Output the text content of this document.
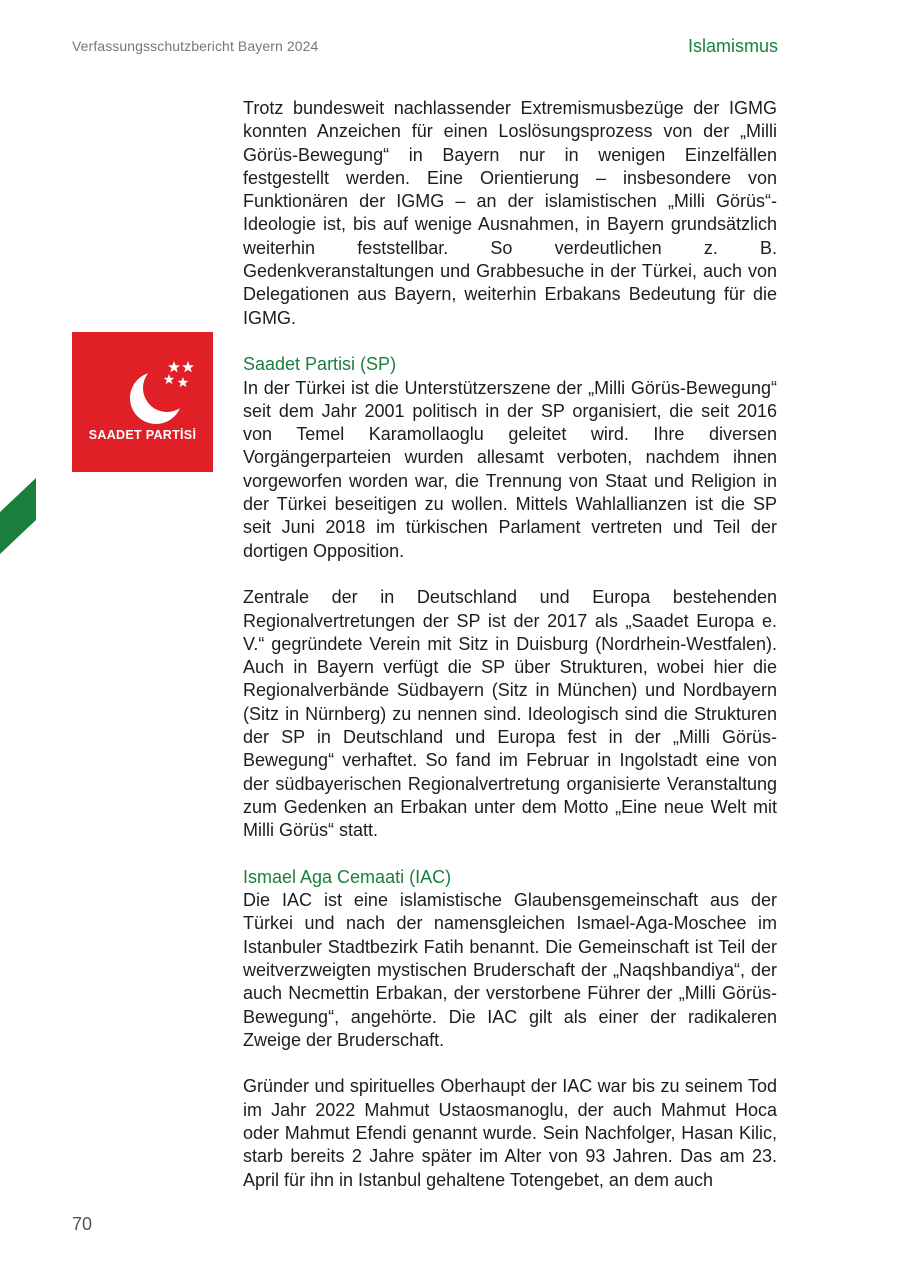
Verfassungsschutzbericht Bayern 2024	Islamismus
SAADET PARTİSİ

Trotz bundesweit nachlassender Extremismusbezüge der IGMG konnten Anzeichen für einen Loslösungsprozess von der „Milli Görüs-Bewegung“ in Bayern nur in wenigen Einzelfällen festgestellt werden. Eine Orientierung – insbesondere von Funktionären der IGMG – an der islamistischen „Milli Görüs“-Ideologie ist, bis auf wenige Ausnahmen, in Bayern grundsätzlich weiterhin feststellbar. So verdeutlichen z. B. Gedenkveranstaltungen und Grabbesuche in der Türkei, auch von Delegationen aus Bayern, weiterhin Erbakans Bedeutung für die IGMG.

Saadet Partisi (SP)

In der Türkei ist die Unterstützerszene der „Milli Görüs-Bewegung“ seit dem Jahr 2001 politisch in der SP organisiert, die seit 2016 von Temel Karamollaoglu geleitet wird. Ihre diversen Vorgängerparteien wurden allesamt verboten, nachdem ihnen vorgeworfen worden war, die Trennung von Staat und Religion in der Türkei beseitigen zu wollen. Mittels Wahlallianzen ist die SP seit Juni 2018 im türkischen Parlament vertreten und Teil der dortigen Opposition.

Zentrale der in Deutschland und Europa bestehenden Regionalvertretungen der SP ist der 2017 als „Saadet Europa e. V.“ gegründete Verein mit Sitz in Duisburg (Nordrhein-Westfalen). Auch in Bayern verfügt die SP über Strukturen, wobei hier die Regionalverbände Südbayern (Sitz in München) und Nordbayern (Sitz in Nürnberg) zu nennen sind. Ideologisch sind die Strukturen der SP in Deutschland und Europa fest in der „Milli Görüs-Bewegung“ verhaftet. So fand im Februar in Ingolstadt eine von der südbayerischen Regionalvertretung organisierte Veranstaltung zum Gedenken an Erbakan unter dem Motto „Eine neue Welt mit Milli Görüs“ statt.

Ismael Aga Cemaati (IAC)

Die IAC ist eine islamistische Glaubensgemeinschaft aus der Türkei und nach der namensgleichen Ismael-Aga-Moschee im Istanbuler Stadtbezirk Fatih benannt. Die Gemeinschaft ist Teil der weitverzweigten mystischen Bruderschaft der „Naqshbandiya“, der auch Necmettin Erbakan, der verstorbene Führer der „Milli Görüs-Bewegung“, angehörte. Die IAC gilt als einer der radikaleren Zweige der Bruderschaft.

Gründer und spirituelles Oberhaupt der IAC war bis zu seinem Tod im Jahr 2022 Mahmut Ustaosmanoglu, der auch Mahmut Hoca oder Mahmut Efendi genannt wurde. Sein Nachfolger, Hasan Kilic, starb bereits 2 Jahre später im Alter von 93 Jahren. Das am 23. April für ihn in Istanbul gehaltene Totengebet, an dem auch

70
